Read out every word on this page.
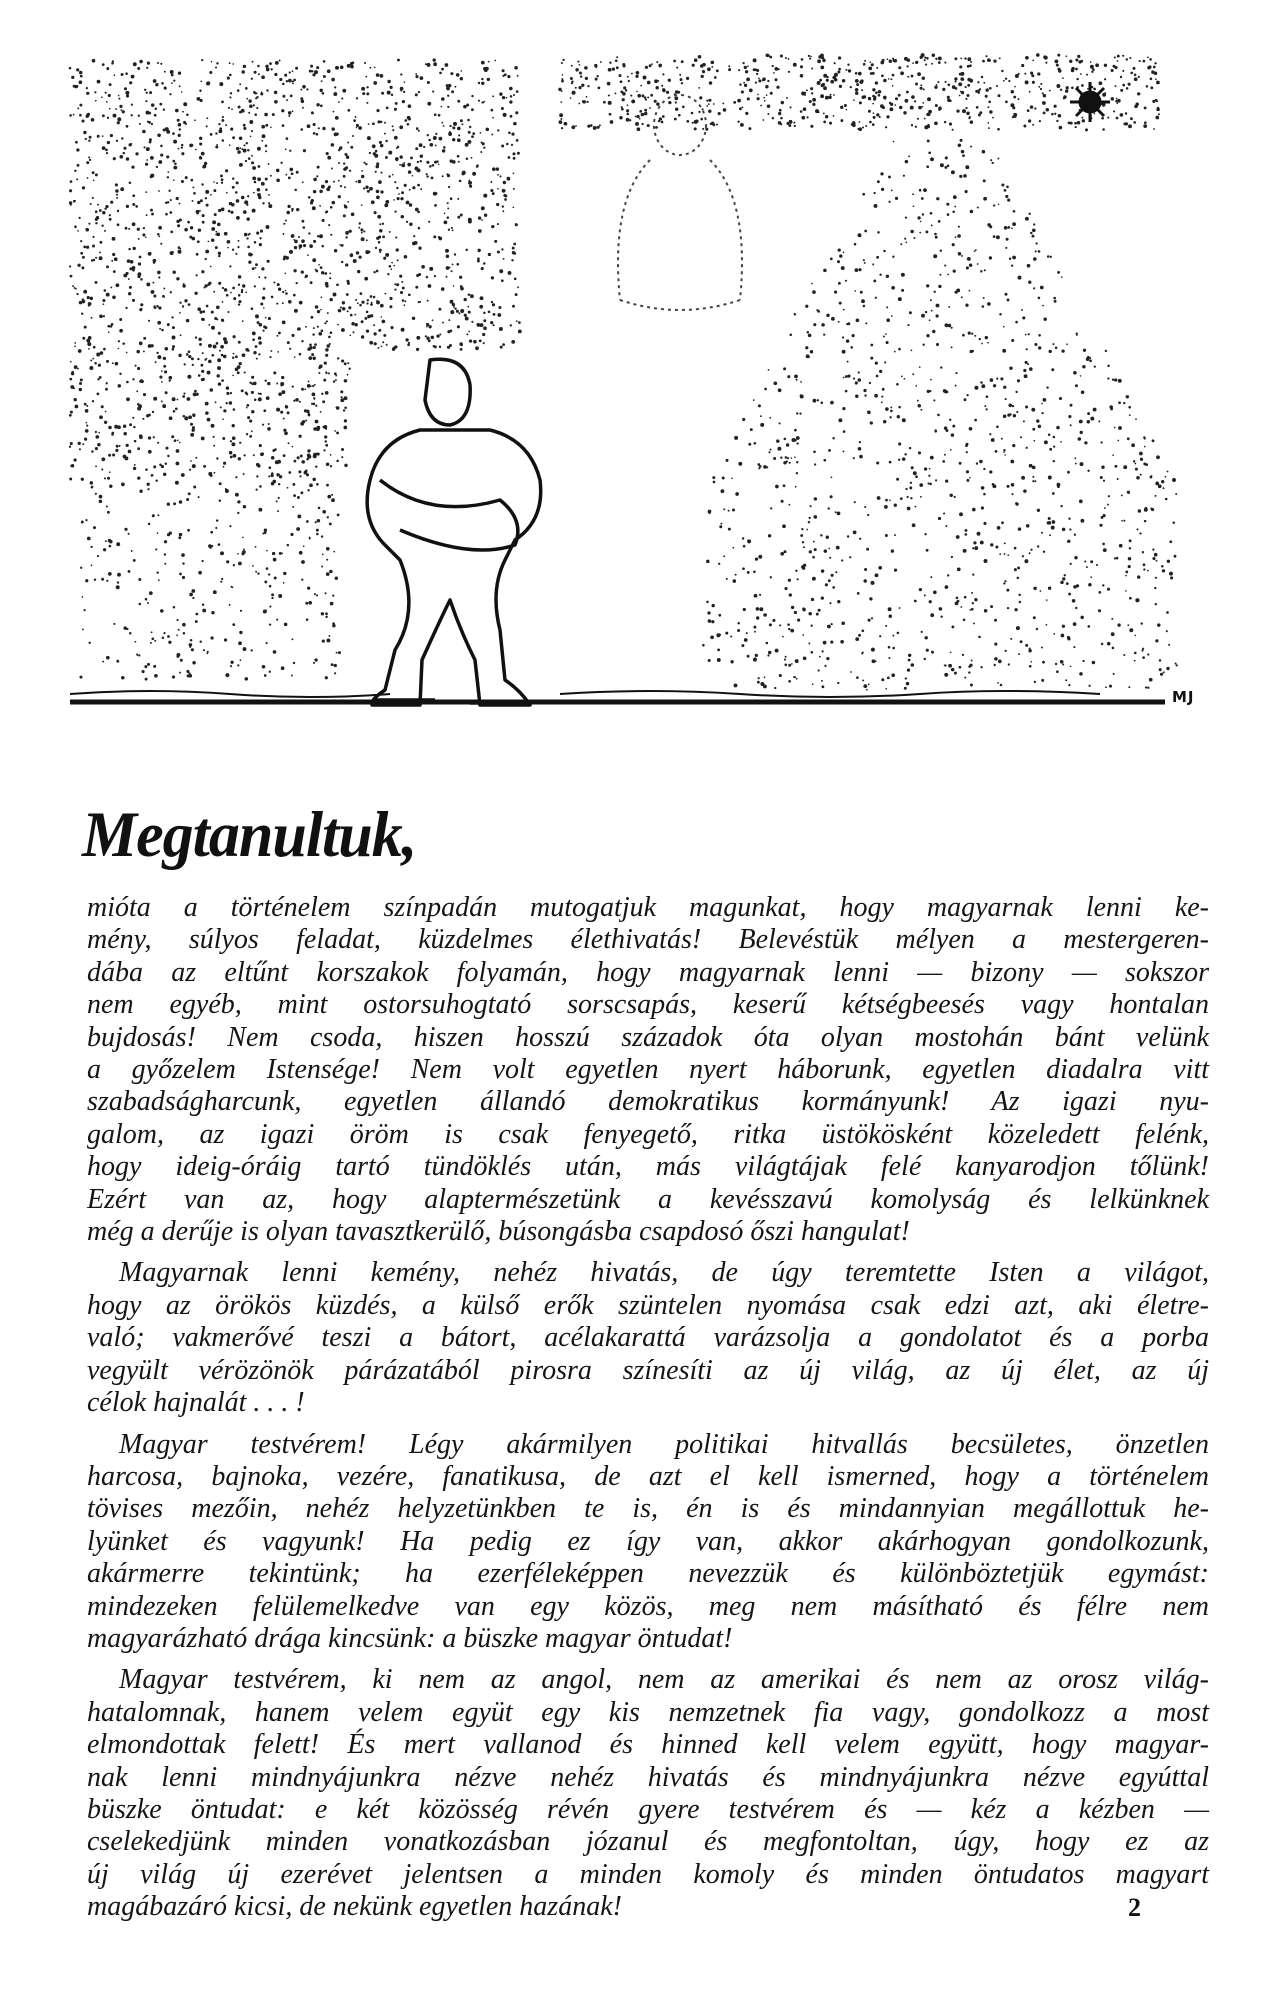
MJ
Megtanultuk,
mióta a történelem színpadán mutogatjuk magunkat, hogy magyarnak lenni ke-
mény, súlyos feladat, küzdelmes élethivatás! Belevéstük mélyen a mestergeren-
dába az eltűnt korszakok folyamán, hogy magyarnak lenni — bizony — sokszor
nem egyéb, mint ostorsuhogtató sorscsapás, keserű kétségbeesés vagy hontalan
bujdosás! Nem csoda, hiszen hosszú századok óta olyan mostohán bánt velünk
a győzelem Istensége! Nem volt egyetlen nyert háborunk, egyetlen diadalra vitt
szabadságharcunk, egyetlen állandó demokratikus kormányunk! Az igazi nyu-
galom, az igazi öröm is csak fenyegető, ritka üstökösként közeledett felénk,
hogy ideig-óráig tartó tündöklés után, más világtájak felé kanyarodjon tőlünk!
Ezért van az, hogy alaptermészetünk a kevésszavú komolyság és lelkünknek
még a derűje is olyan tavasztkerülő, búsongásba csapdosó őszi hangulat!
Magyarnak lenni kemény, nehéz hivatás, de úgy teremtette Isten a világot,
hogy az örökös küzdés, a külső erők szüntelen nyomása csak edzi azt, aki életre-
való; vakmerővé teszi a bátort, acélakarattá varázsolja a gondolatot és a porba
vegyült vérözönök párázatából pirosra színesíti az új világ, az új élet, az új
célok hajnalát . . . !
Magyar testvérem! Légy akármilyen politikai hitvallás becsületes, önzetlen
harcosa, bajnoka, vezére, fanatikusa, de azt el kell ismerned, hogy a történelem
tövises mezőin, nehéz helyzetünkben te is, én is és mindannyian megállottuk he-
lyünket és vagyunk! Ha pedig ez így van, akkor akárhogyan gondolkozunk,
akármerre tekintünk; ha ezerféleképpen nevezzük és különböztetjük egymást:
mindezeken felülemelkedve van egy közös, meg nem másítható és félre nem
magyarázható drága kincsünk: a büszke magyar öntudat!
Magyar testvérem, ki nem az angol, nem az amerikai és nem az orosz világ-
hatalomnak, hanem velem együt egy kis nemzetnek fia vagy, gondolkozz a most
elmondottak felett! És mert vallanod és hinned kell velem együtt, hogy magyar-
nak lenni mindnyájunkra nézve nehéz hivatás és mindnyájunkra nézve egyúttal
büszke öntudat: e két közösség révén gyere testvérem és — kéz a kézben —
cselekedjünk minden vonatkozásban józanul és megfontoltan, úgy, hogy ez az
új világ új ezerévet jelentsen a minden komoly és minden öntudatos magyart
magábazáró kicsi, de nekünk egyetlen hazának!	2
